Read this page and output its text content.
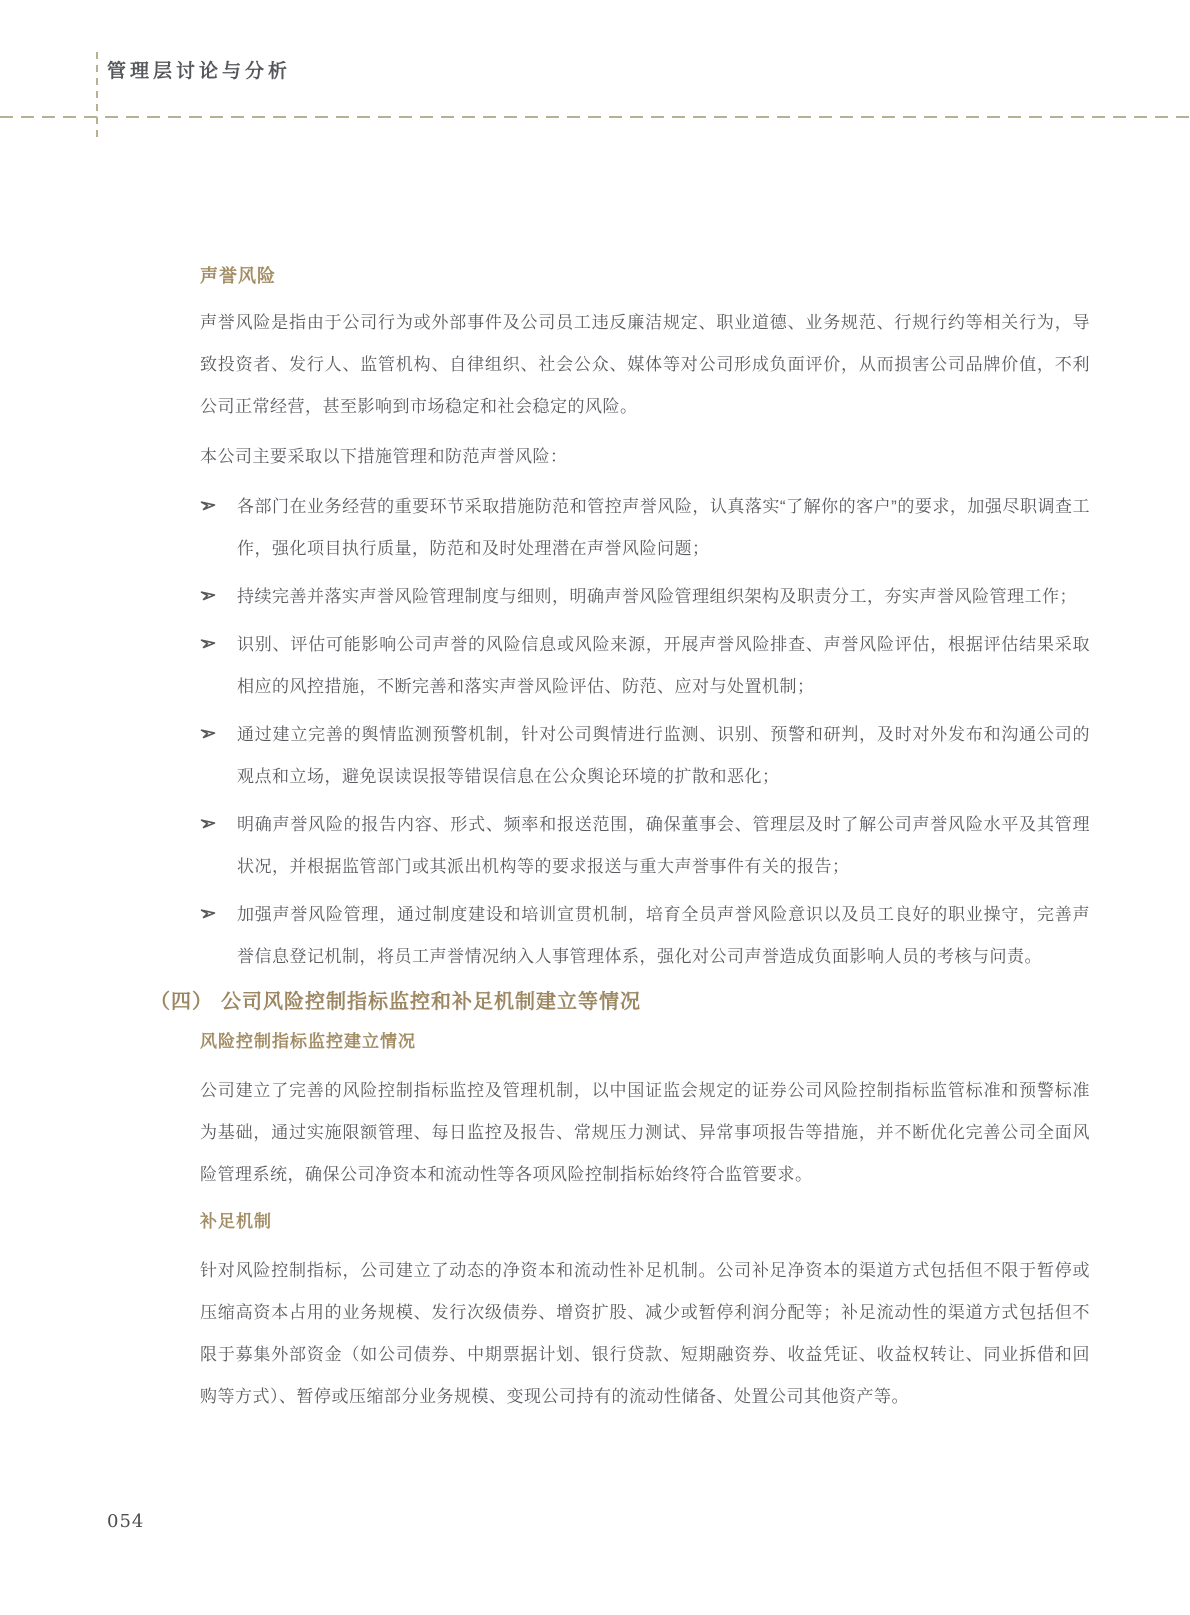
管理层讨论与分析
声誉风险

声誉风险是指由于公司行为或外部事件及公司员工违反廉洁规定、职业道德、业务规范、行规行约等相关行为，导致投资者、发行人、监管机构、自律组织、社会公众、媒体等对公司形成负面评价，从而损害公司品牌价值，不利公司正常经营，甚至影响到市场稳定和社会稳定的风险。

本公司主要采取以下措施管理和防范声誉风险：

各部门在业务经营的重要环节采取措施防范和管控声誉风险，认真落实“了解你的客户”的要求，加强尽职调查工作，强化项目执行质量，防范和及时处理潜在声誉风险问题；
持续完善并落实声誉风险管理制度与细则，明确声誉风险管理组织架构及职责分工，夯实声誉风险管理工作；
识别、评估可能影响公司声誉的风险信息或风险来源，开展声誉风险排查、声誉风险评估，根据评估结果采取相应的风控措施，不断完善和落实声誉风险评估、防范、应对与处置机制；
通过建立完善的舆情监测预警机制，针对公司舆情进行监测、识别、预警和研判，及时对外发布和沟通公司的观点和立场，避免误读误报等错误信息在公众舆论环境的扩散和恶化；
明确声誉风险的报告内容、形式、频率和报送范围，确保董事会、管理层及时了解公司声誉风险水平及其管理状况，并根据监管部门或其派出机构等的要求报送与重大声誉事件有关的报告；
加强声誉风险管理，通过制度建设和培训宣贯机制，培育全员声誉风险意识以及员工良好的职业操守，完善声誉信息登记机制，将员工声誉情况纳入人事管理体系，强化对公司声誉造成负面影响人员的考核与问责。
（四） 公司风险控制指标监控和补足机制建立等情况
风险控制指标监控建立情况

公司建立了完善的风险控制指标监控及管理机制，以中国证监会规定的证券公司风险控制指标监管标准和预警标准为基础，通过实施限额管理、每日监控及报告、常规压力测试、异常事项报告等措施，并不断优化完善公司全面风险管理系统，确保公司净资本和流动性等各项风险控制指标始终符合监管要求。

补足机制

针对风险控制指标，公司建立了动态的净资本和流动性补足机制。公司补足净资本的渠道方式包括但不限于暂停或压缩高资本占用的业务规模、发行次级债券、增资扩股、减少或暂停利润分配等；补足流动性的渠道方式包括但不限于募集外部资金（如公司债券、中期票据计划、银行贷款、短期融资券、收益凭证、收益权转让、同业拆借和回购等方式）、暂停或压缩部分业务规模、变现公司持有的流动性储备、处置公司其他资产等。

054
